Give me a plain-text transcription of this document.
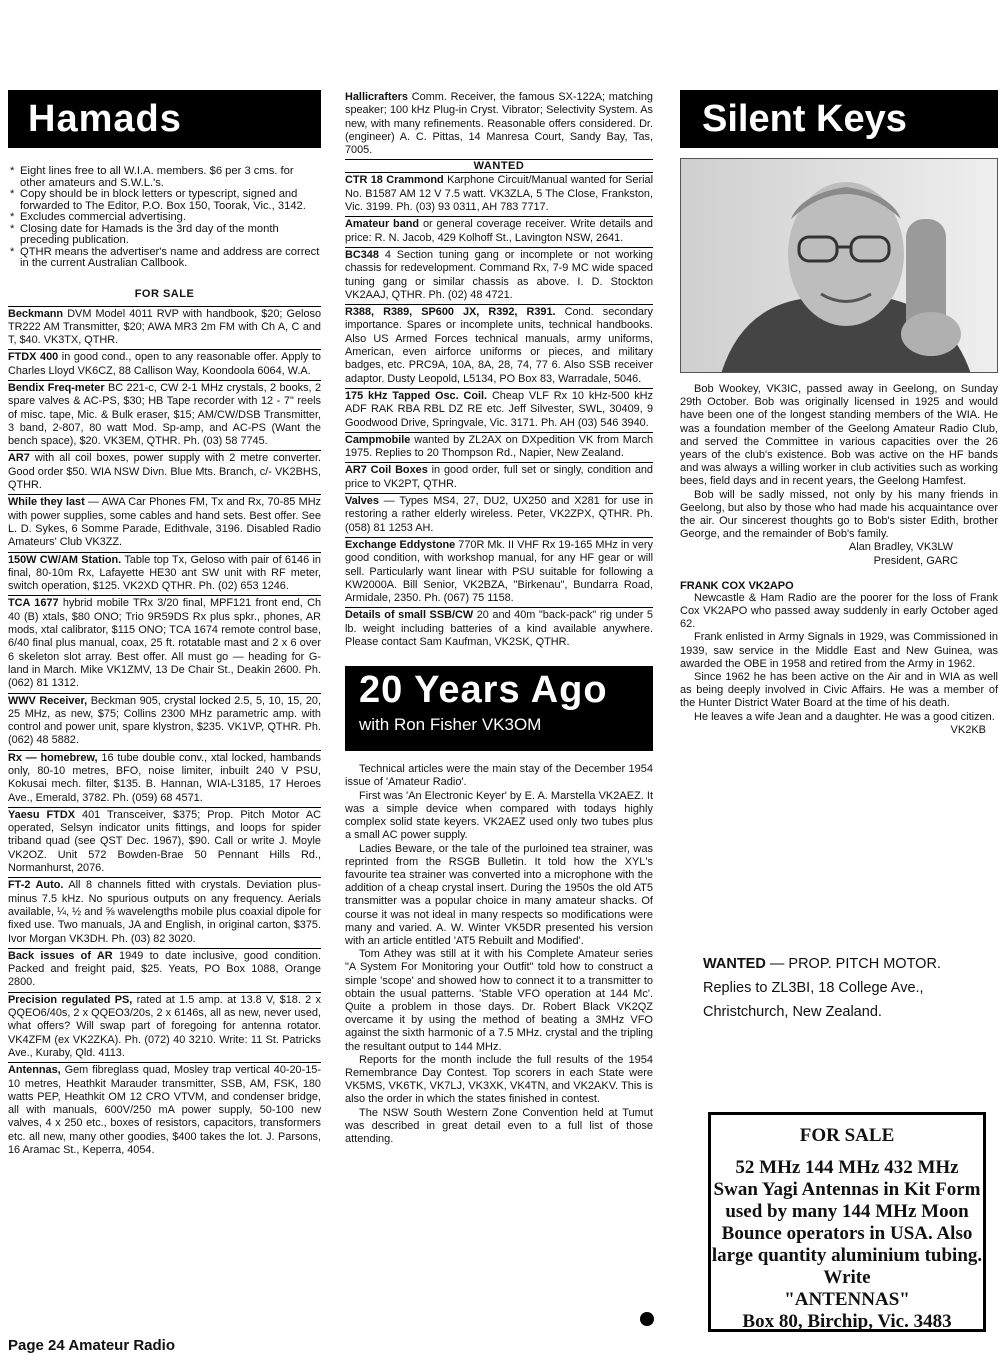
Hamads
* Eight lines free to all W.I.A. members. $6 per 3 cms. for other amateurs and S.W.L.'s.
* Copy should be in block letters or typescript, signed and forwarded to The Editor, P.O. Box 150, Toorak, Vic., 3142.
* Excludes commercial advertising.
* Closing date for Hamads is the 3rd day of the month preceding publication.
* QTHR means the advertiser's name and address are correct in the current Australian Callbook.
FOR SALE
Beckmann DVM Model 4011 RVP with handbook, $20; Geloso TR222 AM Transmitter, $20; AWA MR3 2m FM with Ch A, C and T, $40. VK3TX, QTHR.
FTDX 400 in good cond., open to any reasonable offer. Apply to Charles Lloyd VK6CZ, 88 Callison Way, Koondoola 6064, W.A.
Bendix Freq-meter BC 221-c, CW 2-1 MHz crystals, 2 books, 2 spare valves & AC-PS, $30; HB Tape recorder with 12 - 7" reels of misc. tape, Mic. & Bulk eraser, $15; AM/CW/DSB Transmitter, 3 band, 2-807, 80 watt Mod. Sp-amp, and AC-PS (Want the bench space), $20. VK3EM, QTHR. Ph. (03) 58 7745.
AR7 with all coil boxes, power supply with 2 metre converter. Good order $50. WIA NSW Divn. Blue Mts. Branch, c/- VK2BHS, QTHR.
While they last — AWA Car Phones FM, Tx and Rx, 70-85 MHz with power supplies, some cables and hand sets. Best offer. See L. D. Sykes, 6 Somme Parade, Edithvale, 3196. Disabled Radio Amateurs' Club VK3ZZ.
150W CW/AM Station. Table top Tx, Geloso with pair of 6146 in final, 80-10m Rx, Lafayette HE30 ant SW unit with RF meter, switch operation, $125. VK2XD QTHR. Ph. (02) 653 1246.
TCA 1677 hybrid mobile TRx 3/20 final, MPF121 front end, Ch 40 (B) xtals, $80 ONO; Trio 9R59DS Rx plus spkr., phones, AR mods, xtal calibrator, $115 ONO; TCA 1674 remote control base, 6/40 final plus manual, coax, 25 ft. rotatable mast and 2 x 6 over 6 skeleton slot array. Best offer. All must go — heading for G-land in March. Mike VK1ZMV, 13 De Chair St., Deakin 2600. Ph. (062) 81 1312.
WWV Receiver, Beckman 905, crystal locked 2.5, 5, 10, 15, 20, 25 MHz, as new, $75; Collins 2300 MHz parametric amp. with control and power unit, spare klystron, $235. VK1VP, QTHR. Ph. (062) 48 5882.
Rx — homebrew, 16 tube double conv., xtal locked, hambands only, 80-10 metres, BFO, noise limiter, inbuilt 240 V PSU, Kokusai mech. filter, $135. B. Hannan, WIA-L3185, 17 Heroes Ave., Emerald, 3782. Ph. (059) 68 4571.
Yaesu FTDX 401 Transceiver, $375; Prop. Pitch Motor AC operated, Selsyn indicator units fittings, and loops for spider triband quad (see QST Dec. 1967), $90. Call or write J. Moyle VK2OZ. Unit 572 Bowden-Brae 50 Pennant Hills Rd., Normanhurst, 2076.
FT-2 Auto. All 8 channels fitted with crystals. Deviation plus-minus 7.5 kHz. No spurious outputs on any frequency. Aerials available, ¼, ½ and ⅝ wavelengths mobile plus coaxial dipole for fixed use. Two manuals, JA and English, in original carton, $375. Ivor Morgan VK3DH. Ph. (03) 82 3020.
Back issues of AR 1949 to date inclusive, good condition. Packed and freight paid, $25. Yeats, PO Box 1088, Orange 2800.
Precision regulated PS, rated at 1.5 amp. at 13.8 V, $18. 2 x QQEO6/40s, 2 x QQEO3/20s, 2 x 6146s, all as new, never used, what offers? Will swap part of foregoing for antenna rotator. VK4ZFM (ex VK2ZKA). Ph. (072) 40 3210. Write: 11 St. Patricks Ave., Kuraby, Qld. 4113.
Antennas, Gem fibreglass quad, Mosley trap vertical 40-20-15-10 metres, Heathkit Marauder transmitter, SSB, AM, FSK, 180 watts PEP, Heathkit OM 12 CRO VTVM, and condenser bridge, all with manuals, 600V/250 mA power supply, 50-100 new valves, 4 x 250 etc., boxes of resistors, capacitors, transformers etc. all new, many other goodies, $400 takes the lot. J. Parsons, 16 Aramac St., Keperra, 4054.
Hallicrafters Comm. Receiver, the famous SX-122A; matching speaker; 100 kHz Plug-in Cryst. Vibrator; Selectivity System. As new, with many refinements. Reasonable offers considered. Dr. (engineer) A. C. Pittas, 14 Manresa Court, Sandy Bay, Tas, 7005.
WANTED
CTR 18 Crammond Karphone Circuit/Manual wanted for Serial No. B1587 AM 12 V 7.5 watt. VK3ZLA, 5 The Close, Frankston, Vic. 3199. Ph. (03) 93 0311, AH 783 7717.
Amateur band or general coverage receiver. Write details and price: R. N. Jacob, 429 Kolhoff St., Lavington NSW, 2641.
BC348 4 Section tuning gang or incomplete or not working chassis for redevelopment. Command Rx, 7-9 MC wide spaced tuning gang or similar chassis as above. I. D. Stockton VK2AAJ, QTHR. Ph. (02) 48 4721.
R388, R389, SP600 JX, R392, R391. Cond. secondary importance. Spares or incomplete units, technical handbooks. Also US Armed Forces technical manuals, army uniforms, American, even airforce uniforms or pieces, and military badges, etc. PRC9A, 10A, 8A, 28, 74, 77 6. Also SSB receiver adaptor. Dusty Leopold, L5134, PO Box 83, Warradale, 5046.
175 kHz Tapped Osc. Coil. Cheap VLF Rx 10 kHz-500 kHz ADF RAK RBA RBL DZ RE etc. Jeff Silvester, SWL, 30409, 9 Goodwood Drive, Springvale, Vic. 3171. Ph. AH (03) 546 3940.
Campmobile wanted by ZL2AX on DXpedition VK from March 1975. Replies to 20 Thompson Rd., Napier, New Zealand.
AR7 Coil Boxes in good order, full set or singly, condition and price to VK2PT, QTHR.
Valves — Types MS4, 27, DU2, UX250 and X281 for use in restoring a rather elderly wireless. Peter, VK2ZPX, QTHR. Ph. (058) 81 1253 AH.
Exchange Eddystone 770R Mk. II VHF Rx 19-165 MHz in very good condition, with workshop manual, for any HF gear or will sell. Particularly want linear with PSU suitable for following a KW2000A. Bill Senior, VK2BZA, "Birkenau", Bundarra Road, Armidale, 2350. Ph. (067) 75 1158.
Details of small SSB/CW 20 and 40m "back-pack" rig under 5 lb. weight including batteries of a kind available anywhere. Please contact Sam Kaufman, VK2SK, QTHR.
20 Years Ago
with Ron Fisher VK3OM

Technical articles were the main stay of the December 1954 issue of 'Amateur Radio'.

First was 'An Electronic Keyer' by E. A. Marstella VK2AEZ. It was a simple device when compared with todays highly complex solid state keyers. VK2AEZ used only two tubes plus a small AC power supply.

Ladies Beware, or the tale of the purloined tea strainer, was reprinted from the RSGB Bulletin. It told how the XYL's favourite tea strainer was converted into a microphone with the addition of a cheap crystal insert. During the 1950s the old AT5 transmitter was a popular choice in many amateur shacks. Of course it was not ideal in many respects so modifications were many and varied. A. W. Winter VK5DR presented his version with an article entitled 'AT5 Rebuilt and Modified'.

Tom Athey was still at it with his Complete Amateur series "A System For Monitoring your Outfit" told how to construct a simple 'scope' and showed how to connect it to a transmitter to obtain the usual patterns. 'Stable VFO operation at 144 Mc'. Quite a problem in those days. Dr. Robert Black VK2QZ overcame it by using the method of beating a 3MHz VFO against the sixth harmonic of a 7.5 MHz. crystal and the tripling the resultant output to 144 MHz.

Reports for the month include the full results of the 1954 Remembrance Day Contest. Top scorers in each State were VK5MS, VK6TK, VK7LJ, VK3XK, VK4TN, and VK2AKV. This is also the order in which the states finished in contest.

The NSW South Western Zone Convention held at Tumut was described in great detail even to a full list of those attending.

Silent Keys

Bob Wookey, VK3IC, passed away in Geelong, on Sunday 29th October. Bob was originally licensed in 1925 and would have been one of the longest standing members of the WIA. He was a foundation member of the Geelong Amateur Radio Club, and served the Committee in various capacities over the 26 years of the club's existence. Bob was active on the HF bands and was always a willing worker in club activities such as working bees, field days and in recent years, the Geelong Hamfest.

Bob will be sadly missed, not only by his many friends in Geelong, but also by those who had made his acquaintance over the air. Our sincerest thoughts go to Bob's sister Edith, brother George, and the remainder of Bob's family.

Alan Bradley, VK3LW
President, GARC
FRANK COX VK2APO

Newcastle & Ham Radio are the poorer for the loss of Frank Cox VK2APO who passed away suddenly in early October aged 62.

Frank enlisted in Army Signals in 1929, was Commissioned in 1939, saw service in the Middle East and New Guinea, was awarded the OBE in 1958 and retired from the Army in 1962.

Since 1962 he has been active on the Air and in WIA as well as being deeply involved in Civic Affairs. He was a member of the Hunter District Water Board at the time of his death.

He leaves a wife Jean and a daughter. He was a good citizen.

VK2KB
WANTED — PROP. PITCH MOTOR.
Replies to ZL3BI, 18 College Ave.,
Christchurch, New Zealand.
FOR SALE
52 MHz 144 MHz 432 MHz
Swan Yagi Antennas in Kit Form
used by many 144 MHz Moon
Bounce operators in USA. Also
large quantity aluminium tubing.
Write
"ANTENNAS"
Box 80, Birchip, Vic. 3483
Page 24 Amateur Radio
